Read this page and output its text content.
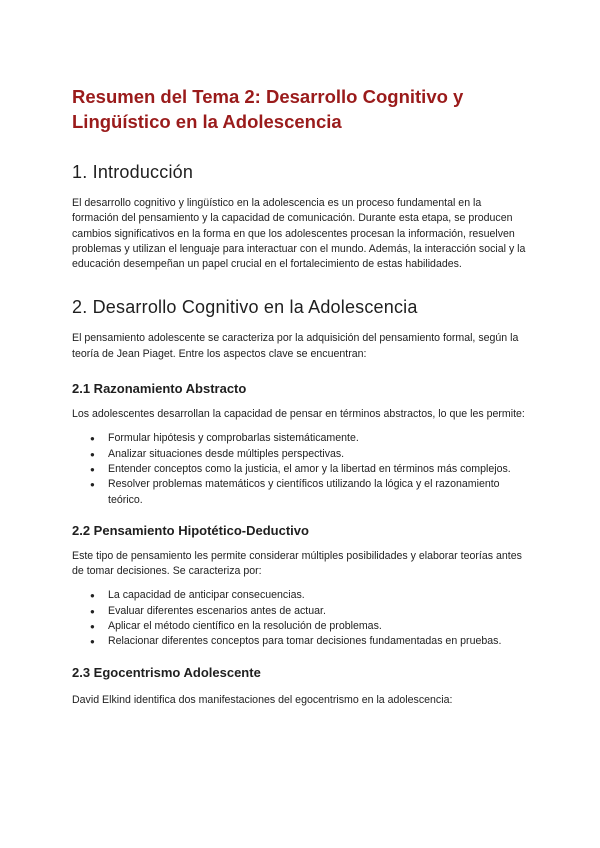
Resumen del Tema 2: Desarrollo Cognitivo y Lingüístico en la Adolescencia
1. Introducción

El desarrollo cognitivo y lingüístico en la adolescencia es un proceso fundamental en la formación del pensamiento y la capacidad de comunicación. Durante esta etapa, se producen cambios significativos en la forma en que los adolescentes procesan la información, resuelven problemas y utilizan el lenguaje para interactuar con el mundo. Además, la interacción social y la educación desempeñan un papel crucial en el fortalecimiento de estas habilidades.

2. Desarrollo Cognitivo en la Adolescencia

El pensamiento adolescente se caracteriza por la adquisición del pensamiento formal, según la teoría de Jean Piaget. Entre los aspectos clave se encuentran:

2.1 Razonamiento Abstracto

Los adolescentes desarrollan la capacidad de pensar en términos abstractos, lo que les permite:

● Formular hipótesis y comprobarlas sistemáticamente.
● Analizar situaciones desde múltiples perspectivas.
● Entender conceptos como la justicia, el amor y la libertad en términos más complejos.
● Resolver problemas matemáticos y científicos utilizando la lógica y el razonamiento teórico.
2.2 Pensamiento Hipotético-Deductivo

Este tipo de pensamiento les permite considerar múltiples posibilidades y elaborar teorías antes de tomar decisiones. Se caracteriza por:

● La capacidad de anticipar consecuencias.
● Evaluar diferentes escenarios antes de actuar.
● Aplicar el método científico en la resolución de problemas.
● Relacionar diferentes conceptos para tomar decisiones fundamentadas en pruebas.
2.3 Egocentrismo Adolescente

David Elkind identifica dos manifestaciones del egocentrismo en la adolescencia:
